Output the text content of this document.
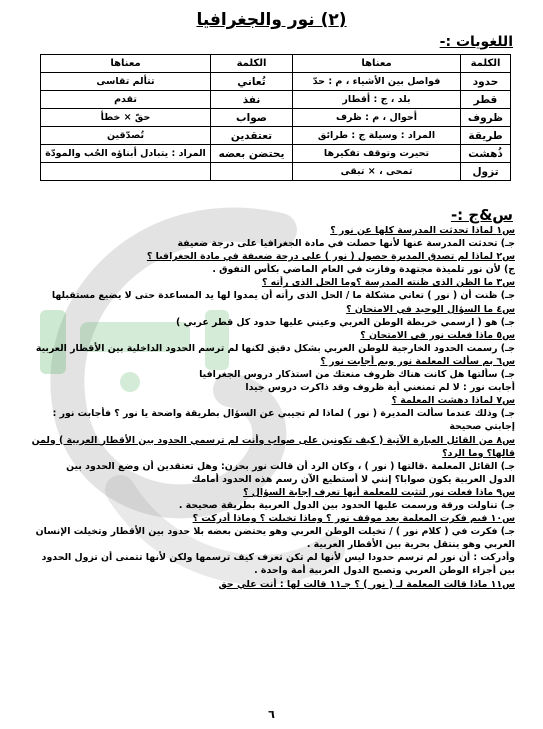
(٢) نور والجغرافيا
اللغويات :-
الكلمة	معناها	الكلمة	معناها
حدود	فواصل بين الأشياء ، م : حدّ	تُعاني	تتألم تقاسى
قطر	بلد ، ج : أقطار	نفذ	تقدم
ظروف	أحوال ، م : ظرف	صواب	حقّ × خطأ
طريقة	المراد : وسيلة ج : طرائق	تعتقدين	تُصدّقين
ذُهشت	تحيرت وتوقف تفكيرها	يحتضن بعضه	المراد : يتبادل أبناؤه الحُب والمودّة
تزول	تمحى ، × تبقى		
س&ج :-
س١ لماذا تحدثت المدرسة كلها عن نور ؟
جـ) تحدثت المدرسة عنها لأنها حصلت في مادة الجغرافيا على درجة ضعيفة
س٢ لماذا لم تصدق المديرة حصول ( نور ) على درجة ضعيفة في مادة الجغرافيا ؟
ج) لأن نور تلميذة مجتهدة وفازت في العام الماضي بكأس التفوق .
س٣ ما الظن الذى ظنته المدرسة ؟وما الحل الذى رأته ؟
جـ) ظنت أن ( نور ) تعاني مشكلة ما / الحل الذى رأته أن يمدوا لها يد المساعدة حتى لا يضيع مستقبلها
س٤ ما السؤال الوحيد في الامتحان ؟
جـ) هو ( ارسمي خريطة الوطن العربي وعيني عليها حدود كل قطر عربي )
س٥ ماذا فعلت نور في الامتحان ؟
جـ) رسمت الحدود الخارجية للوطن العربي بشكل دقيق لكنها لم ترسم الحدود الداخلية بين الأقطار العربية
س٦ بم سألت المعلمة نور وبم أجابت نور ؟
جـ) سألتها هل كانت هناك ظروف منعتك من استذكار دروس الجغرافيا
أجابت نور : لا لم تمنعني أية ظروف وقد ذاكرت دروس جيدا
س٧ لماذا دهشت المعلمة ؟
جـ) وذلك عندما سألت المديرة ( نور ) لماذا لم تجيبي عن السؤال بطريقة واضحة يا نور ؟ فأجابت نور :
إجابتي صحيحة
س٨ من القائل العبارة الآتية ( كيف تكونين على صواب وأنت لم ترسمي الحدود بين الأقطار العربية ) ولمن
قالها؟ وما الرد؟
جـ) القائل المعلمة .قالتها ( نور ) ، وكان الرد أن قالت نور بحزن: وهل تعتقدين أن وضع الحدود بين
الدول العربية يكون صوابا؟ إنني لا أستطيع الآن رسم هذه الحدود أمامك
س٩ ماذا فعلت نور لتثبت للمعلمة أنها تعرف إجابة السؤال ؟
جـ) تناولت ورقة ورسمت عليها الحدود بين الدول العربية بطريقة صحيحة .
س١٠ فيم فكرت المعلمة بعد موقف نور ؟ وماذا تخيلت ؟ وماذا أدركت ؟
جـ) فكرت في ( كلام نور ) / تخيلت الوطن العربي وهو يحتضن بعضه بلا حدود بين الأقطار وتخيلت الإنسان
العربي وهو ينتقل بحرية بين الأقطار العربية .
وأدركت : أن نور لم ترسم حدودا ليس لأنها لم تكن تعرف كيف ترسمها ولكن لأنها تتمنى أن تزول الحدود
بين أجزاء الوطن العربي وتصبح الدول العربية أمة واحدة .
س١١ ماذا قالت المعلمة لـ ( نور ) ؟ جـ١١ قالت لها : أنت علي حق
٦
